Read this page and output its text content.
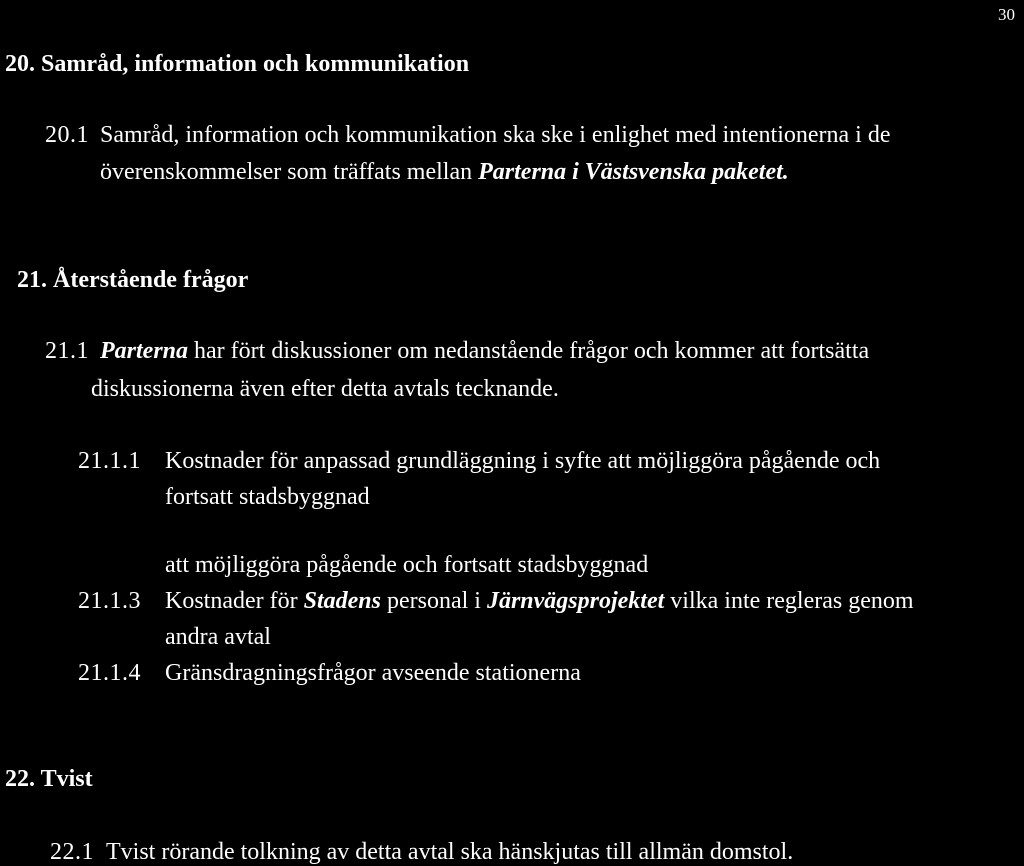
30
20. Samråd, information och kommunikation
20.1 Samråd, information och kommunikation ska ske i enlighet med intentionerna i de
överenskommelser som träffats mellan Parterna i Västsvenska paketet.
21. Återstående frågor
21.1 Parterna har fört diskussioner om nedanstående frågor och kommer att fortsätta
diskussionerna även efter detta avtals tecknande.
21.1.1 Kostnader för anpassad grundläggning i syfte att möjliggöra pågående och
fortsatt stadsbyggnad
att möjliggöra pågående och fortsatt stadsbyggnad
21.1.3 Kostnader för Stadens personal i Järnvägsprojektet vilka inte regleras genom
andra avtal
21.1.4 Gränsdragningsfrågor avseende stationerna
22. Tvist
22.1 Tvist rörande tolkning av detta avtal ska hänskjutas till allmän domstol.
